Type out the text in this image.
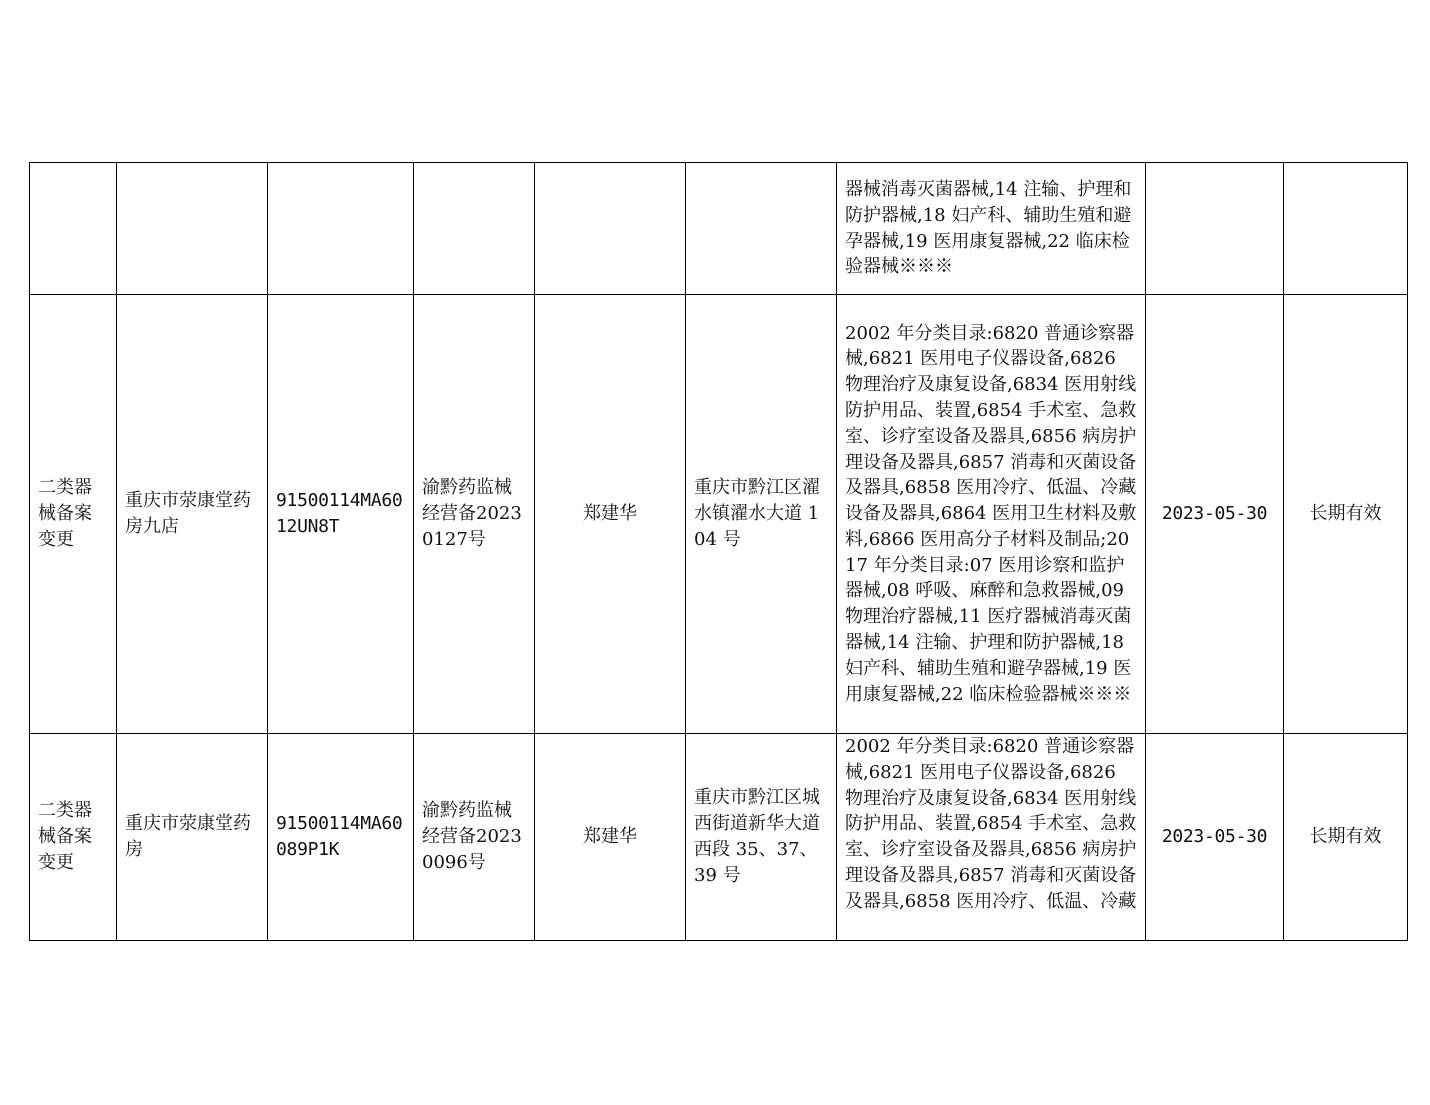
						器械消毒灭菌器械,14 注输、护理和防护器械,18 妇产科、辅助生殖和避孕器械,19 医用康复器械,22 临床检验器械※※※		
二类器械备案变更	重庆市荥康堂药房九店	91500114MA6012UN8T	渝黔药监械经营备20230127号	郑建华	重庆市黔江区濯水镇濯水大道 104 号	2002 年分类目录:6820 普通诊察器械,6821 医用电子仪器设备,6826 物理治疗及康复设备,6834 医用射线防护用品、装置,6854 手术室、急救室、诊疗室设备及器具,6856 病房护理设备及器具,6857 消毒和灭菌设备及器具,6858 医用冷疗、低温、冷藏设备及器具,6864 医用卫生材料及敷料,6866 医用高分子材料及制品;2017 年分类目录:07 医用诊察和监护器械,08 呼吸、麻醉和急救器械,09 物理治疗器械,11 医疗器械消毒灭菌器械,14 注输、护理和防护器械,18 妇产科、辅助生殖和避孕器械,19 医用康复器械,22 临床检验器械※※※	2023-05-30	长期有效
二类器械备案变更	重庆市荥康堂药房	91500114MA60089P1K	渝黔药监械经营备20230096号	郑建华	重庆市黔江区城西街道新华大道西段 35、37、39 号	2002 年分类目录:6820 普通诊察器械,6821 医用电子仪器设备,6826 物理治疗及康复设备,6834 医用射线防护用品、装置,6854 手术室、急救室、诊疗室设备及器具,6856 病房护理设备及器具,6857 消毒和灭菌设备及器具,6858 医用冷疗、低温、冷藏	2023-05-30	长期有效
